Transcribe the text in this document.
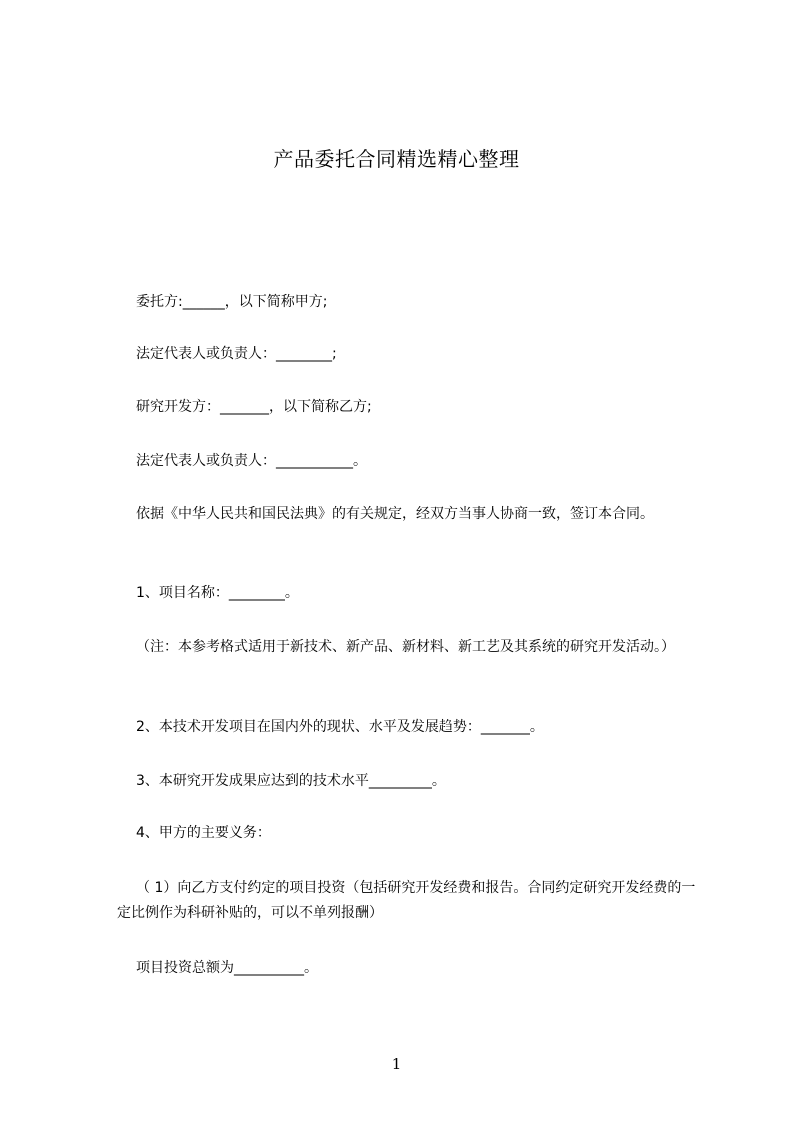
产品委托合同精选精心整理
委托方:______，以下简称甲方;
法定代表人或负责人：________;
研究开发方：_______，以下简称乙方;
法定代表人或负责人：___________。
依据《中华人民共和国民法典》的有关规定，经双方当事人协商一致，签订本合同。
1、项目名称：________。
（注：本参考格式适用于新技术、新产品、新材料、新工艺及其系统的研究开发活动。）
2、本技术开发项目在国内外的现状、水平及发展趋势：_______。
3、本研究开发成果应达到的技术水平_________。
4、甲方的主要义务：
（ 1）向乙方支付约定的项目投资（包括研究开发经费和报告。合同约定研究开发经费的一定比例作为科研补贴的，可以不单列报酬）
项目投资总额为__________。
1
